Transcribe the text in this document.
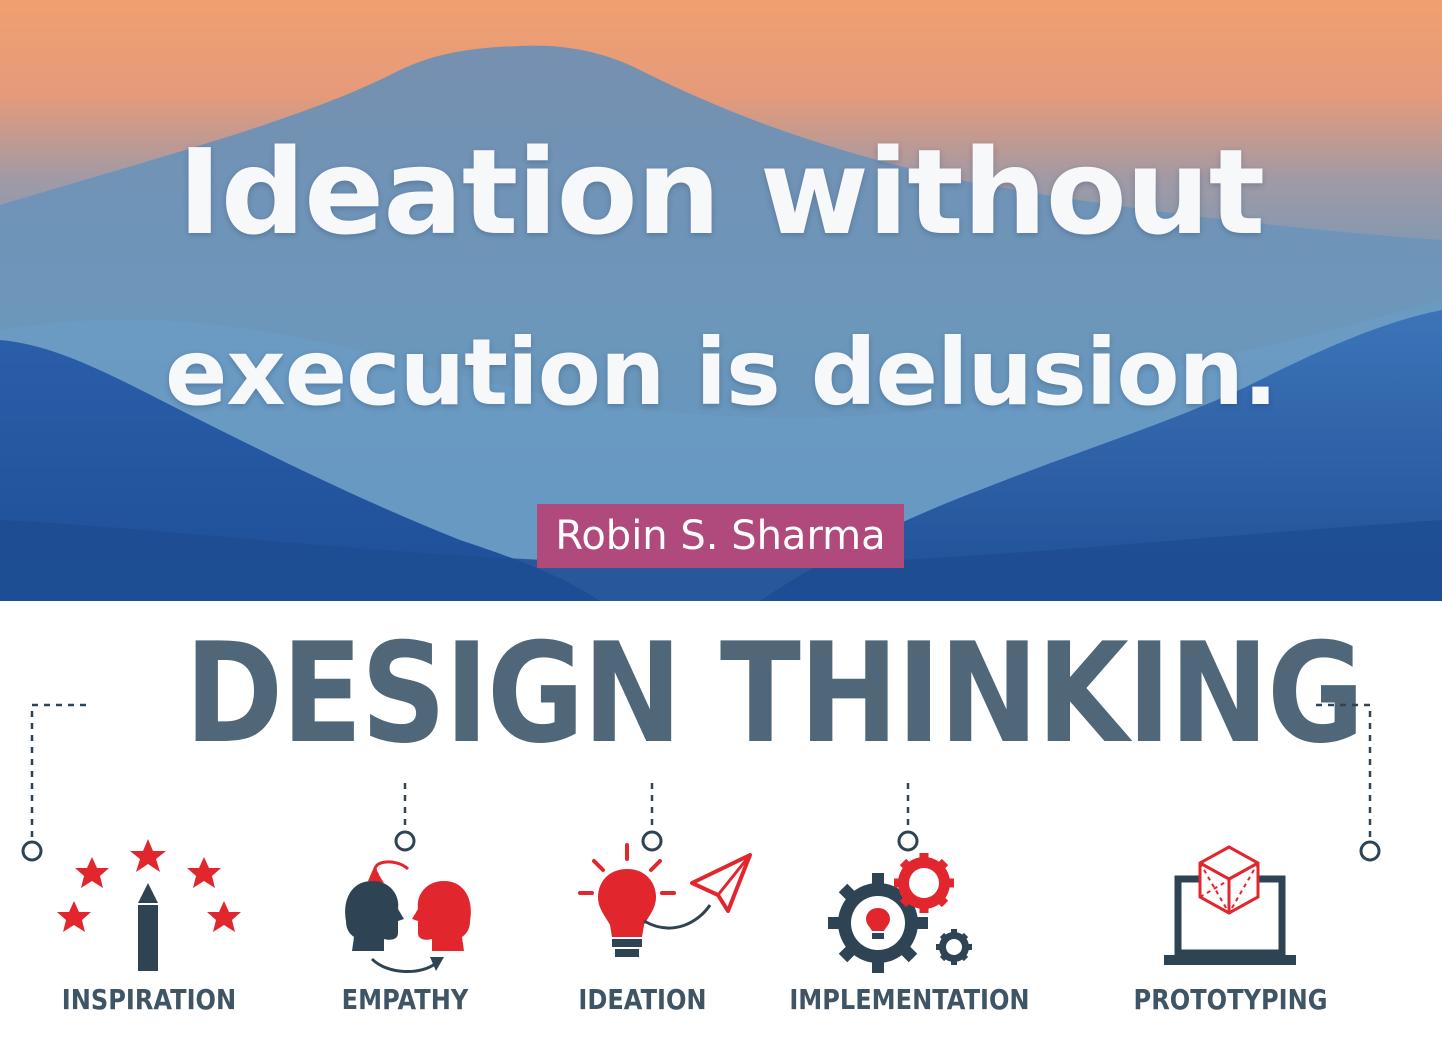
Ideation without
execution is delusion.
Robin S. Sharma
DESIGN THINKING
INSPIRATION	EMPATHY	IDEATION	IMPLEMENTATION	PROTOTYPING
